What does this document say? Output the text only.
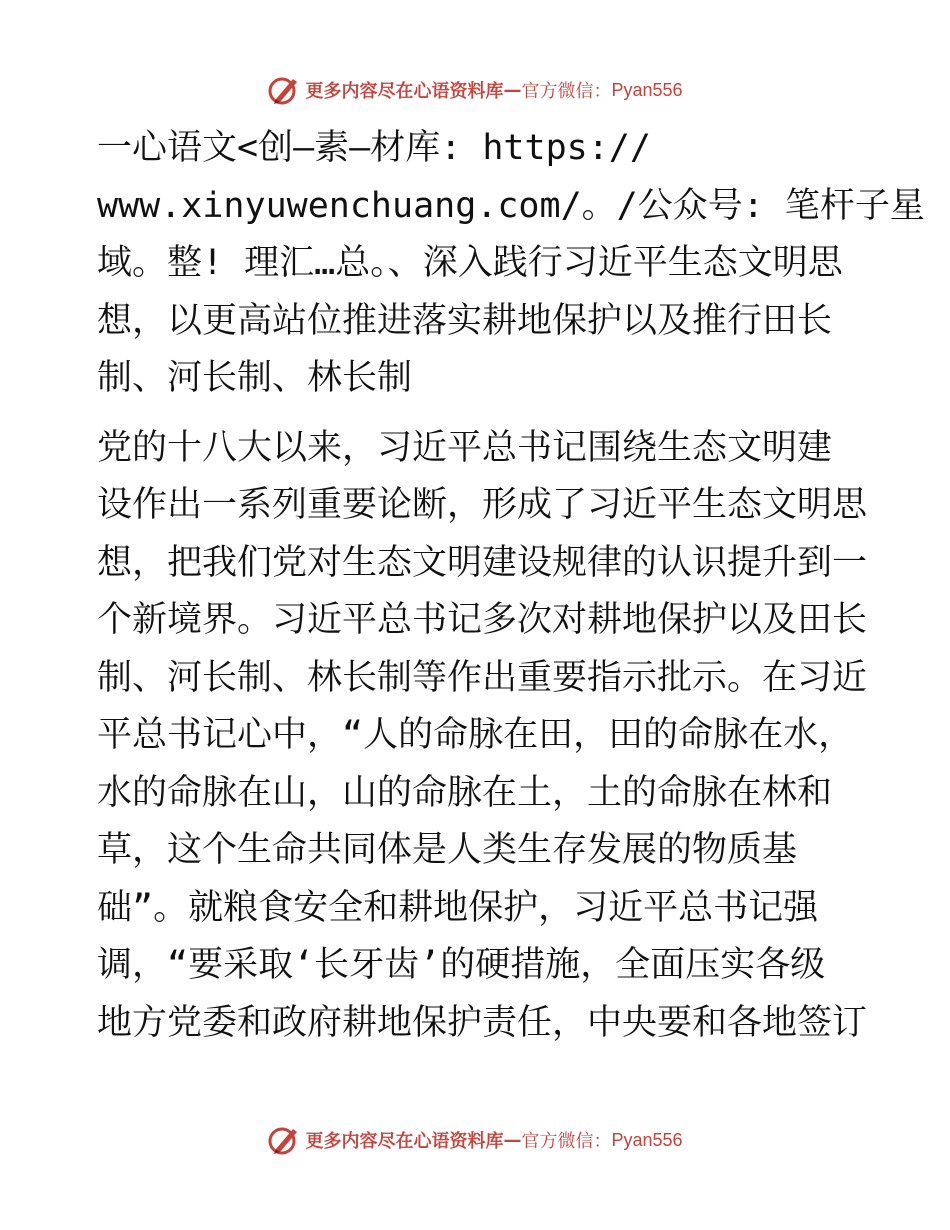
更多内容尽在心语资料库 — 官方微信： Pyan556
一心语文<创—素—材库: https://
www.xinyuwenchuang.com/。/公众号: 笔杆子星
域。整! 理汇…总。、深入践行习近平生态文明思
想，以更高站位推进落实耕地保护以及推行田长
制、河长制、林长制
党的十八大以来，习近平总书记围绕生态文明建
设作出一系列重要论断，形成了习近平生态文明思
想，把我们党对生态文明建设规律的认识提升到一
个新境界。习近平总书记多次对耕地保护以及田长
制、河长制、林长制等作出重要指示批示。在习近
平总书记心中，“人的命脉在田，田的命脉在水，
水的命脉在山，山的命脉在土，土的命脉在林和
草，这个生命共同体是人类生存发展的物质基
础”。就粮食安全和耕地保护，习近平总书记强
调，“要采取‘长牙齿’的硬措施，全面压实各级
地方党委和政府耕地保护责任，中央要和各地签订
更多内容尽在心语资料库 — 官方微信： Pyan556
